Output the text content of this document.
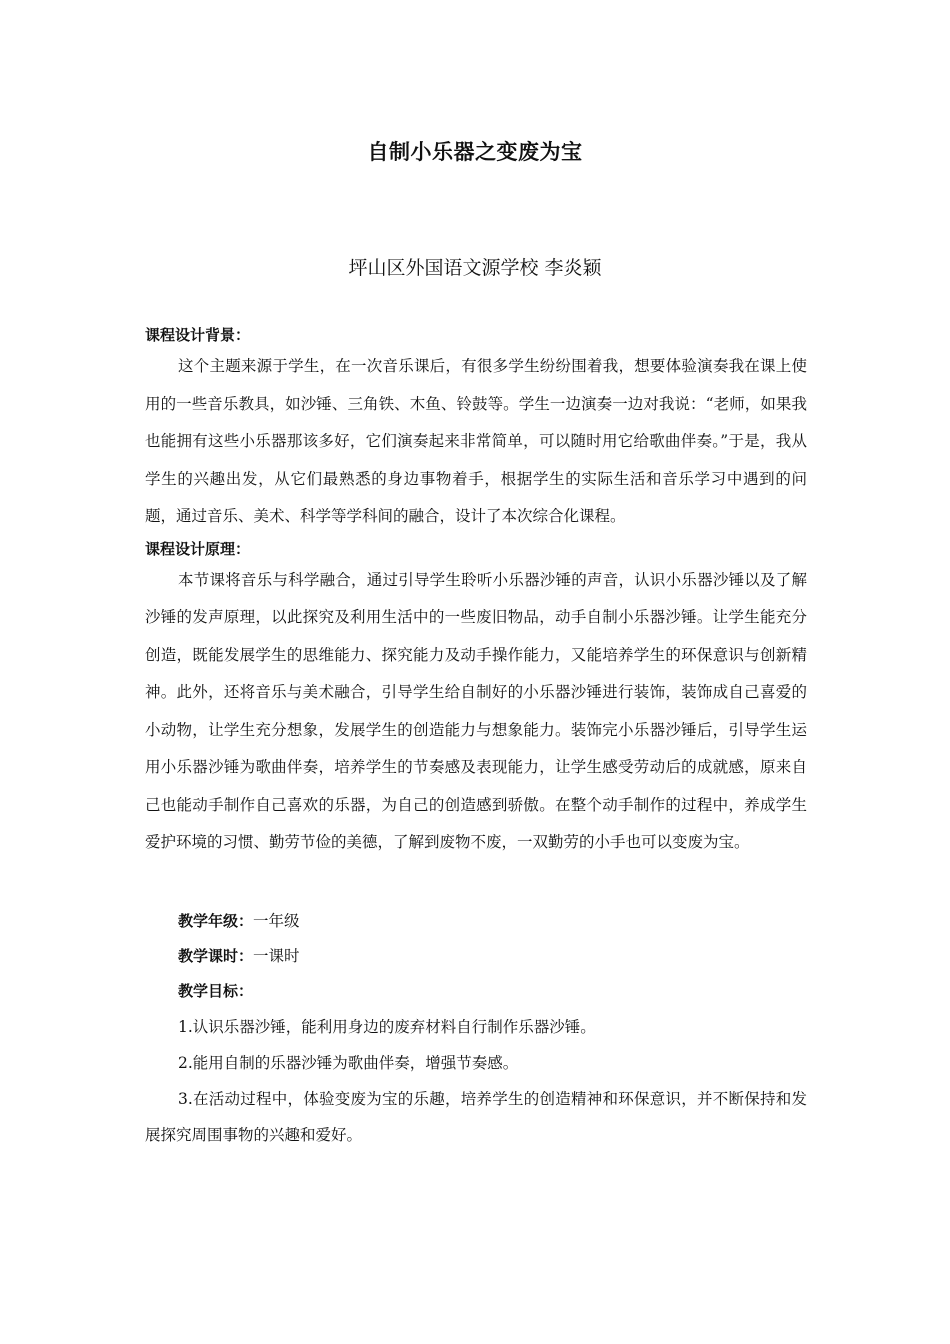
自制小乐器之变废为宝
坪山区外国语文源学校 李炎颖

课程设计背景：

这个主题来源于学生，在一次音乐课后，有很多学生纷纷围着我，想要体验演奏我在课上使用的一些音乐教具，如沙锤、三角铁、木鱼、铃鼓等。学生一边演奏一边对我说：“老师，如果我也能拥有这些小乐器那该多好，它们演奏起来非常简单，可以随时用它给歌曲伴奏。”于是，我从学生的兴趣出发，从它们最熟悉的身边事物着手，根据学生的实际生活和音乐学习中遇到的问题，通过音乐、美术、科学等学科间的融合，设计了本次综合化课程。

课程设计原理：

本节课将音乐与科学融合，通过引导学生聆听小乐器沙锤的声音，认识小乐器沙锤以及了解沙锤的发声原理，以此探究及利用生活中的一些废旧物品，动手自制小乐器沙锤。让学生能充分创造，既能发展学生的思维能力、探究能力及动手操作能力，又能培养学生的环保意识与创新精神。此外，还将音乐与美术融合，引导学生给自制好的小乐器沙锤进行装饰，装饰成自己喜爱的小动物，让学生充分想象，发展学生的创造能力与想象能力。装饰完小乐器沙锤后，引导学生运用小乐器沙锤为歌曲伴奏，培养学生的节奏感及表现能力，让学生感受劳动后的成就感，原来自己也能动手制作自己喜欢的乐器，为自己的创造感到骄傲。在整个动手制作的过程中，养成学生爱护环境的习惯、勤劳节俭的美德，了解到废物不废，一双勤劳的小手也可以变废为宝。

教学年级：一年级

教学课时：一课时

教学目标：

1.认识乐器沙锤，能利用身边的废弃材料自行制作乐器沙锤。

2.能用自制的乐器沙锤为歌曲伴奏，增强节奏感。

3.在活动过程中，体验变废为宝的乐趣，培养学生的创造精神和环保意识，并不断保持和发展探究周围事物的兴趣和爱好。
